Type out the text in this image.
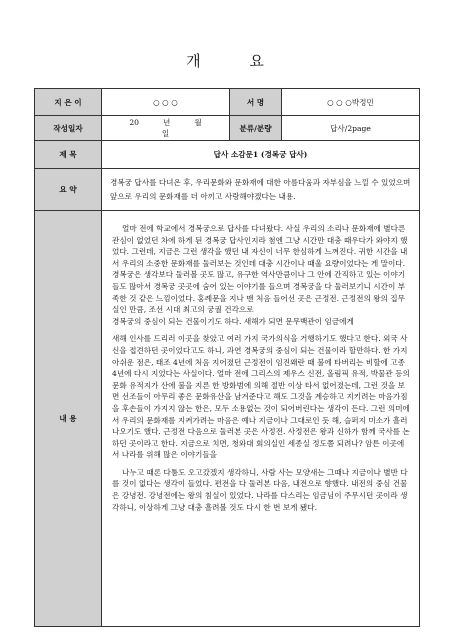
개 요
지 은 이	○ ○ ○	서 명	○ ○ ○박정민
작성일자	20 년 월일	분류/분량	답사/2page
제 목	답사 소감문1 (경복궁 답사)		
요 약	경복궁 답사를 다녀온 후, 우리문화와 문화재에 대한 아름다움과 자부심을 느낄 수 있었으며 앞으로 우리의 문화재를 더 아끼고 사랑해야겠다는 내용.		
내 용	얼마 전에 학교에서 경복궁으로 답사를 다녀왔다. 사실 우리의 소리나 문화재에 별다른 관심이 없었던 차에 하게 된 경복궁 답사인지라 첨엔 그냥 시간만 대충 때우다가 와야지 했었다. 그런데, 지금은 그런 생각을 했던 내 자신이 너무 한심하게 느껴진다. 귀한 시간을 내서 우리의 소중한 문화재를 둘러보는 것인데 대충 시간이나 때울 요량이었다는 게 말이다. 경복궁은 생각보다 둘러볼 곳도 많고, 유구한 역사만큼이나 그 안에 간직하고 있는 이야기들도 많아서 경복궁 곳곳에 숨어 있는 이야기를 들으며 경복궁을 다 둘러보기니 시간이 부족한 것 같은 느낌이었다. 홍례문을 지나 맨 처음 들어선 곳은 근정전. 근정전의 왕의 집무실인 만큼, 조선 시대 최고의 궁궐 건각으로

경복궁의 중심이 되는 건물이기도 하다. 새해가 되면 문무백관이 임금에게

새해 인사를 드리러 이곳을 찾았고 여러 가지 국가의식을 거행하기도 했다고 한다. 외국 사신을 접견하던 곳이었다고도 하니, 과연 경복궁의 중심이 되는 건물이라 할만하다. 한 가지 아쉬운 점은, 태조 4년에 처음 지어졌던 근정전이 임진왜란 때 불에 타버리는 비할에 고종 4년에 다시 지었다는 사실이다. 얼마 전에 그리스의 제우스 신전, 올림픽 유적, 박물관 등의 문화 유적지가 산에 불을 지른 한 방화범에 의해 절반 이상 타서 없어졌는데, 그런 것을 보면 선조들이 아무리 좋은 문화유산을 남겨준다고 해도 그것을 계승하고 지키려는 마음가짐을 후손들이 가지지 않는 한은, 모두 소용없는 것이 되어버린다는 생각이 든다. 그런 의미에서 우리의 문화재를 지켜가려는 마음은 예나 지금이나 그대로인 듯 해, 슬퍼지 미소가 흘러나오기도 했다. 근정전 다음으로 둘러본 곳은 사정전. 사정전은 왕과 신하가 함께 국사를 논하던 곳이라고 한다. 지금으로 치면, 청와대 회의실인 세종실 정도쯤 되려나? 암튼 이곳에서 나라를 위해 많은 이야기들을

나누고 때론 다툼도 오고갔겠지 생각하니, 사람 사는 모양새는 그때나 지금이나 별반 다를 것이 없다는 생각이 들었다. 편전을 다 둘러본 다음, 내전으로 향했다. 내전의 중심 건물은 강녕전. 강녕전에는 왕의 침실이 있었다. 나라를 다스리는 임금님이 주무시던 곳이라 생각하니, 이상하게 그냥 대충 흘려볼 것도 다시 한 번 보게 됐다.		
